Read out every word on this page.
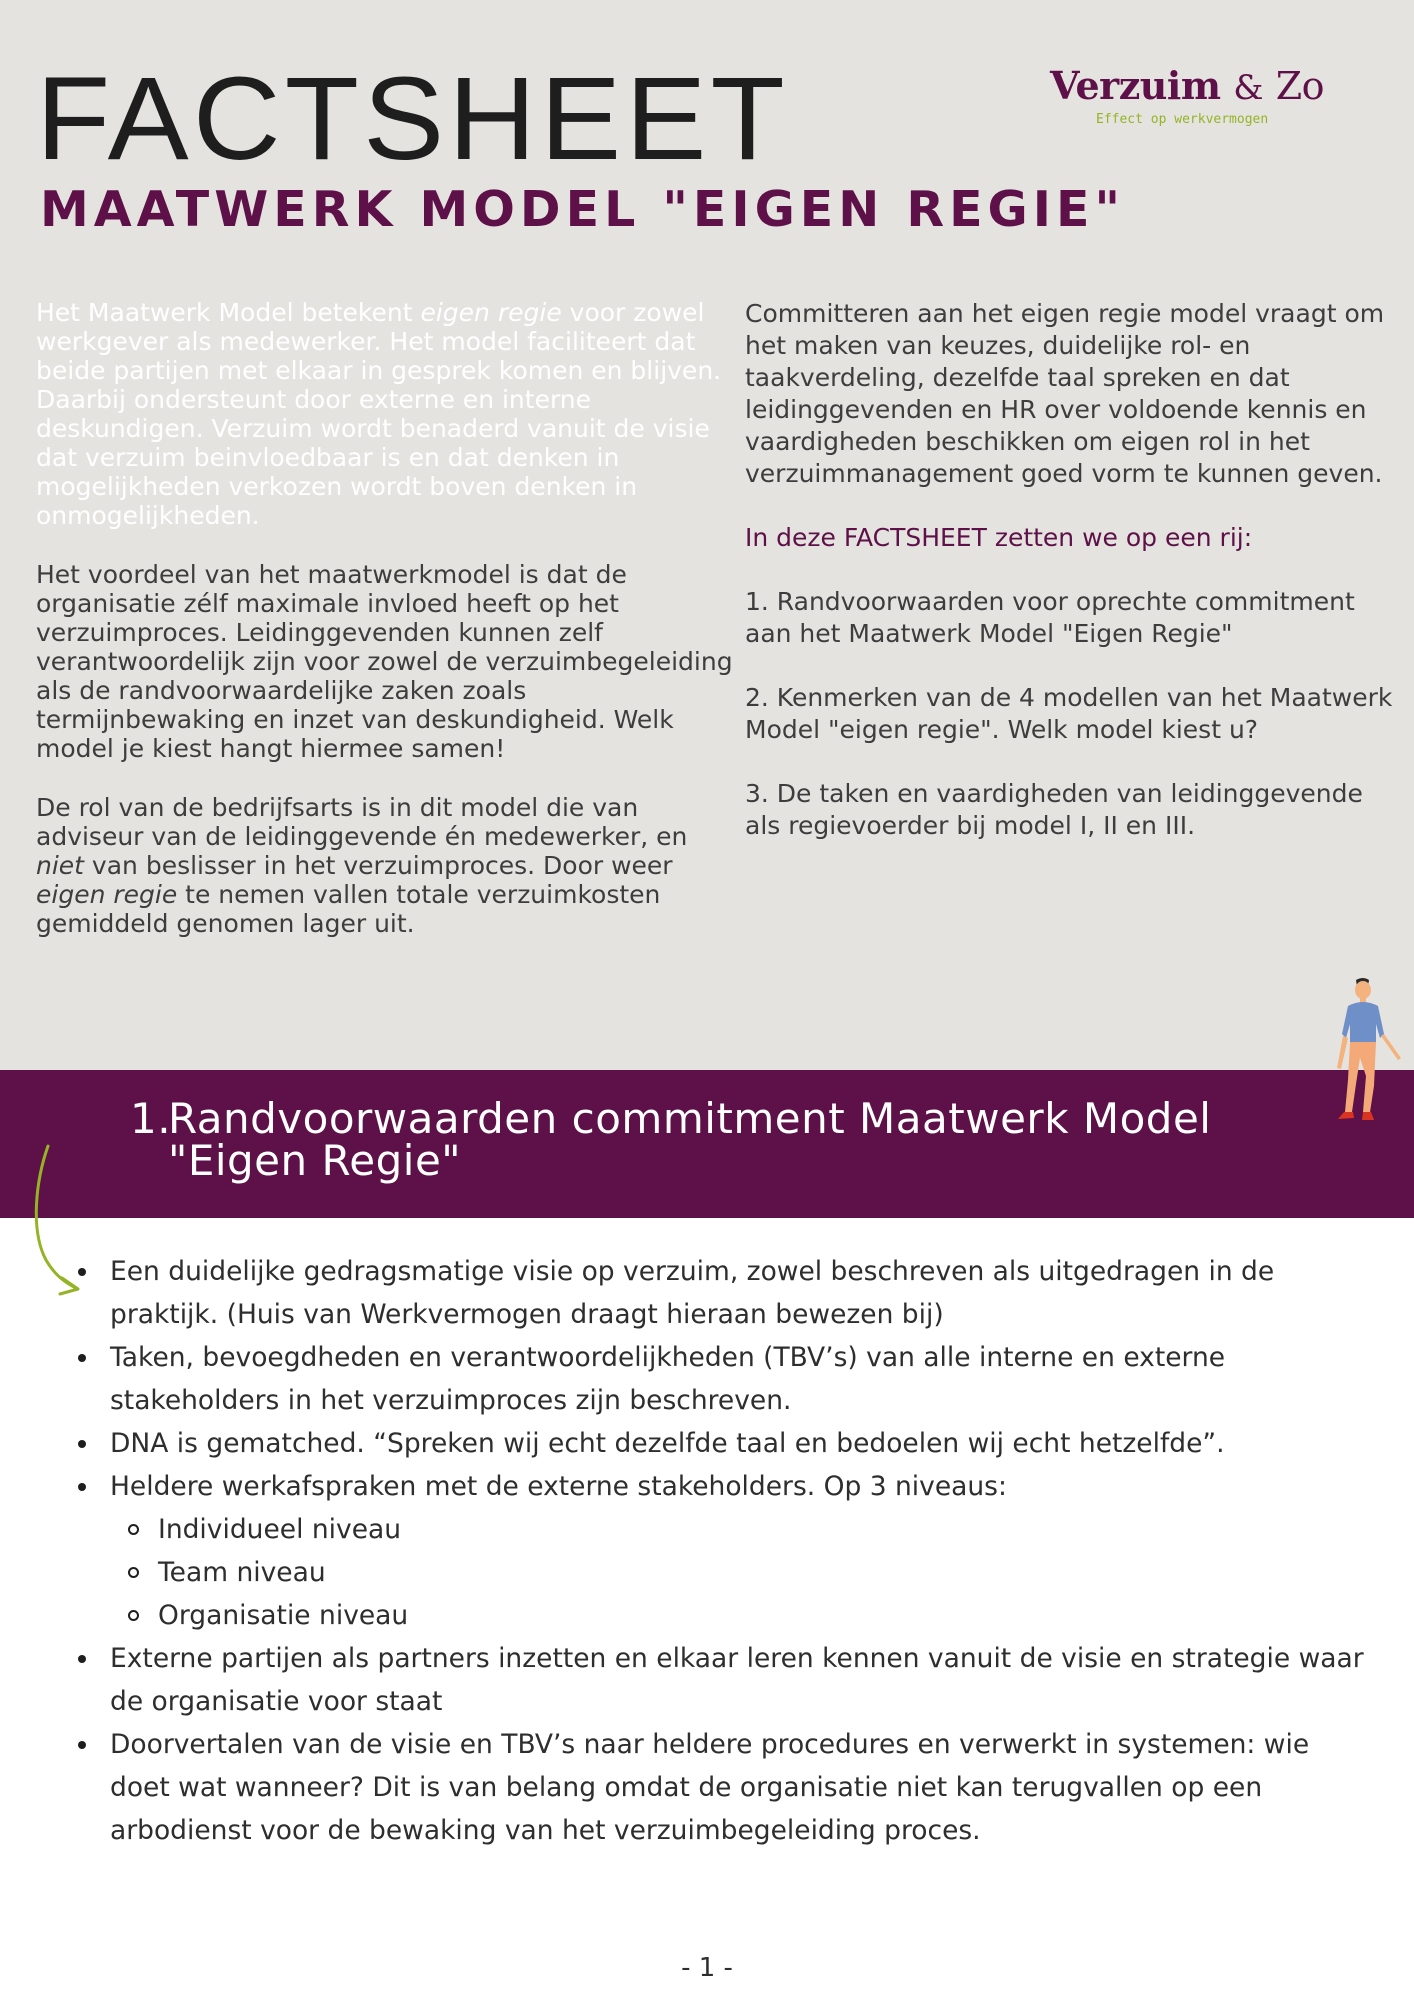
FACTSHEET
MAATWERK MODEL "EIGEN REGIE"
Verzuim & Zo
Effect op werkvermogen

Het Maatwerk Model betekent eigen regie voor zowel werkgever als medewerker. Het model faciliteert dat beide partijen met elkaar in gesprek komen en blijven. Daarbij ondersteunt door externe en interne deskundigen. Verzuim wordt benaderd vanuit de visie dat verzuim beinvloedbaar is en dat denken in mogelijkheden verkozen wordt boven denken in onmogelijkheden.

Het voordeel van het maatwerkmodel is dat de organisatie zélf maximale invloed heeft op het verzuimproces. Leidinggevenden kunnen zelf verantwoordelijk zijn voor zowel de verzuimbegeleiding als de randvoorwaardelijke zaken zoals termijnbewaking en inzet van deskundigheid. Welk model je kiest hangt hiermee samen!

De rol van de bedrijfsarts is in dit model die van adviseur van de leidinggevende én medewerker, en niet van beslisser in het verzuimproces. Door weer eigen regie te nemen vallen totale verzuimkosten gemiddeld genomen lager uit.

Committeren aan het eigen regie model vraagt om het maken van keuzes, duidelijke rol- en taakverdeling, dezelfde taal spreken en dat leidinggevenden en HR over voldoende kennis en vaardigheden beschikken om eigen rol in het verzuimmanagement goed vorm te kunnen geven.

In deze FACTSHEET zetten we op een rij:

1. Randvoorwaarden voor oprechte commitment aan het Maatwerk Model "Eigen Regie"

2. Kenmerken van de 4 modellen van het Maatwerk Model "eigen regie". Welk model kiest u?

3. De taken en vaardigheden van leidinggevende als regievoerder bij model I, II en III.

1.Randvoorwaarden commitment Maatwerk Model
"Eigen Regie"
Een duidelijke gedragsmatige visie op verzuim, zowel beschreven als uitgedragen in de praktijk. (Huis van Werkvermogen draagt hieraan bewezen bij)
Taken, bevoegdheden en verantwoordelijkheden (TBV’s) van alle interne en externe stakeholders in het verzuimproces zijn beschreven.
DNA is gematched. “Spreken wij echt dezelfde taal en bedoelen wij echt hetzelfde”.
Heldere werkafspraken met de externe stakeholders. Op 3 niveaus:
Individueel niveau
Team niveau
Organisatie niveau
Externe partijen als partners inzetten en elkaar leren kennen vanuit de visie en strategie waar de organisatie voor staat
Doorvertalen van de visie en TBV’s naar heldere procedures en verwerkt in systemen: wie doet wat wanneer? Dit is van belang omdat de organisatie niet kan terugvallen op een arbodienst voor de bewaking van het verzuimbegeleiding proces.
- 1 -
